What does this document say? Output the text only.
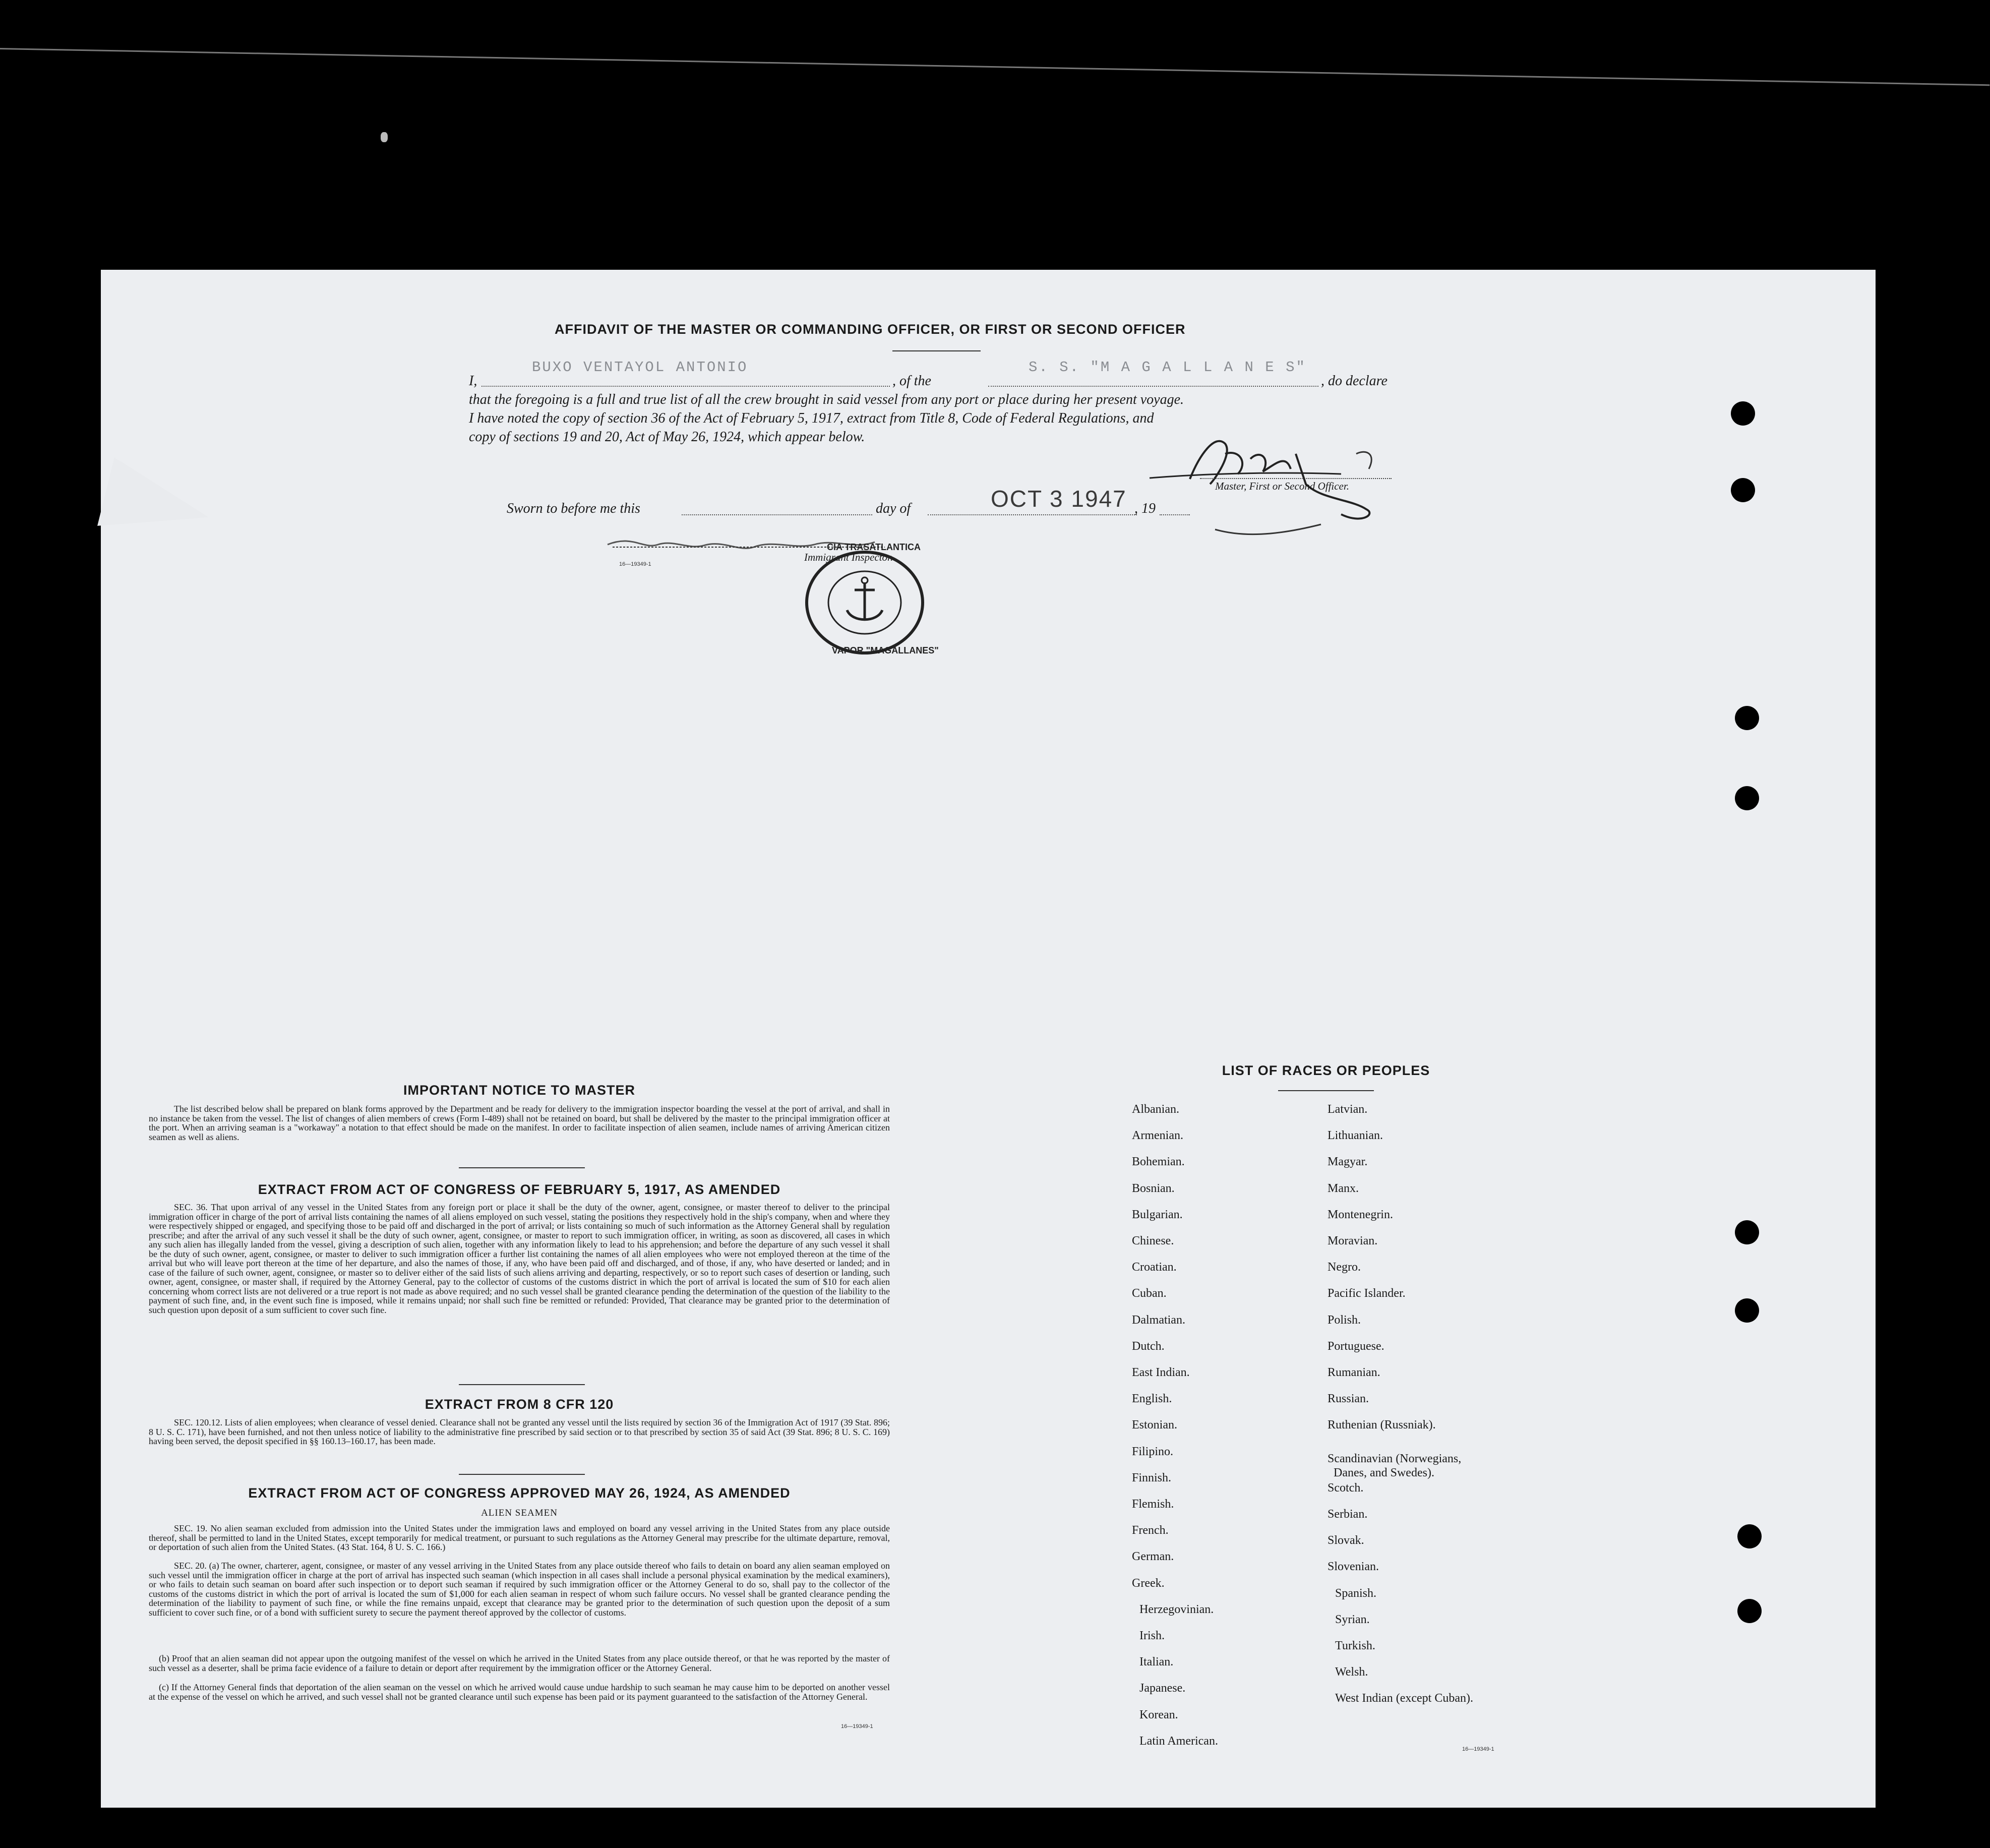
AFFIDAVIT OF THE MASTER OR COMMANDING OFFICER, OR FIRST OR SECOND OFFICER
I,
BUXO VENTAYOL ANTONIO
, of the
S. S. "M A G A L L A N E S"
, do declare
that the foregoing is a full and true list of all the crew brought in said vessel from any port or place during her present voyage.
I have noted the copy of section 36 of the Act of February 5, 1917, extract from Title 8, Code of Federal Regulations, and
copy of sections 19 and 20, Act of May 26, 1924, which appear below.
Master, First or Second Officer.
Sworn to before me this	day of	OCT 3 1947 , 19
Immigrant Inspector.
16—19349-1
CIA TRASATLANTICA
VAPOR "MAGALLANES"
IMPORTANT NOTICE TO MASTER
The list described below shall be prepared on blank forms approved by the Department and be ready for delivery to the immigration inspector boarding the vessel at the port of arrival, and shall in no instance be taken from the vessel. The list of changes of alien members of crews (Form I-489) shall not be retained on board, but shall be delivered by the master to the principal immigration officer at the port. When an arriving seaman is a "workaway" a notation to that effect should be made on the manifest. In order to facilitate inspection of alien seamen, include names of arriving American citizen seamen as well as aliens.
EXTRACT FROM ACT OF CONGRESS OF FEBRUARY 5, 1917, AS AMENDED
SEC. 36. That upon arrival of any vessel in the United States from any foreign port or place it shall be the duty of the owner, agent, consignee, or master thereof to deliver to the principal immigration officer in charge of the port of arrival lists containing the names of all aliens employed on such vessel, stating the positions they respectively hold in the ship's company, when and where they were respectively shipped or engaged, and specifying those to be paid off and discharged in the port of arrival; or lists containing so much of such information as the Attorney General shall by regulation prescribe; and after the arrival of any such vessel it shall be the duty of such owner, agent, consignee, or master to report to such immigration officer, in writing, as soon as discovered, all cases in which any such alien has illegally landed from the vessel, giving a description of such alien, together with any information likely to lead to his apprehension; and before the departure of any such vessel it shall be the duty of such owner, agent, consignee, or master to deliver to such immigration officer a further list containing the names of all alien employees who were not employed thereon at the time of the arrival but who will leave port thereon at the time of her departure, and also the names of those, if any, who have been paid off and discharged, and of those, if any, who have deserted or landed; and in case of the failure of such owner, agent, consignee, or master so to deliver either of the said lists of such aliens arriving and departing, respectively, or so to report such cases of desertion or landing, such owner, agent, consignee, or master shall, if required by the Attorney General, pay to the collector of customs of the customs district in which the port of arrival is located the sum of $10 for each alien concerning whom correct lists are not delivered or a true report is not made as above required; and no such vessel shall be granted clearance pending the determination of the question of the liability to the payment of such fine, and, in the event such fine is imposed, while it remains unpaid; nor shall such fine be remitted or refunded: Provided, That clearance may be granted prior to the determination of such question upon deposit of a sum sufficient to cover such fine.
EXTRACT FROM 8 CFR 120
SEC. 120.12. Lists of alien employees; when clearance of vessel denied. Clearance shall not be granted any vessel until the lists required by section 36 of the Immigration Act of 1917 (39 Stat. 896; 8 U. S. C. 171), have been furnished, and not then unless notice of liability to the administrative fine prescribed by said section or to that prescribed by section 35 of said Act (39 Stat. 896; 8 U. S. C. 169) having been served, the deposit specified in §§ 160.13–160.17, has been made.
EXTRACT FROM ACT OF CONGRESS APPROVED MAY 26, 1924, AS AMENDED
ALIEN SEAMEN
SEC. 19. No alien seaman excluded from admission into the United States under the immigration laws and employed on board any vessel arriving in the United States from any place outside thereof, shall be permitted to land in the United States, except temporarily for medical treatment, or pursuant to such regulations as the Attorney General may prescribe for the ultimate departure, removal, or deportation of such alien from the United States. (43 Stat. 164, 8 U. S. C. 166.)
SEC. 20. (a) The owner, charterer, agent, consignee, or master of any vessel arriving in the United States from any place outside thereof who fails to detain on board any alien seaman employed on such vessel until the immigration officer in charge at the port of arrival has inspected such seaman (which inspection in all cases shall include a personal physical examination by the medical examiners), or who fails to detain such seaman on board after such inspection or to deport such seaman if required by such immigration officer or the Attorney General to do so, shall pay to the collector of the customs of the customs district in which the port of arrival is located the sum of $1,000 for each alien seaman in respect of whom such failure occurs. No vessel shall be granted clearance pending the determination of the liability to payment of such fine, or while the fine remains unpaid, except that clearance may be granted prior to the determination of such question upon the deposit of a sum sufficient to cover such fine, or of a bond with sufficient surety to secure the payment thereof approved by the collector of customs.
(b) Proof that an alien seaman did not appear upon the outgoing manifest of the vessel on which he arrived in the United States from any place outside thereof, or that he was reported by the master of such vessel as a deserter, shall be prima facie evidence of a failure to detain or deport after requirement by the immigration officer or the Attorney General.
(c) If the Attorney General finds that deportation of the alien seaman on the vessel on which he arrived would cause undue hardship to such seaman he may cause him to be deported on another vessel at the expense of the vessel on which he arrived, and such vessel shall not be granted clearance until such expense has been paid or its payment guaranteed to the satisfaction of the Attorney General.
16—19349-1
LIST OF RACES OR PEOPLES
Albanian.
Armenian.
Bohemian.
Bosnian.
Bulgarian.
Chinese.
Croatian.
Cuban.
Dalmatian.
Dutch.
East Indian.
English.
Estonian.
Filipino.
Finnish.
Flemish.
French.
German.
Greek.
Herzegovinian.
Irish.
Italian.
Japanese.
Korean.
Latin American.
Latvian.
Lithuanian.
Magyar.
Manx.
Montenegrin.
Moravian.
Negro.
Pacific Islander.
Polish.
Portuguese.
Rumanian.
Russian.
Ruthenian (Russniak).
Scandinavian (Norwegians,
Danes, and Swedes).
Scotch.
Serbian.
Slovak.
Slovenian.
Spanish.
Syrian.
Turkish.
Welsh.
West Indian (except Cuban).
16—19349-1
